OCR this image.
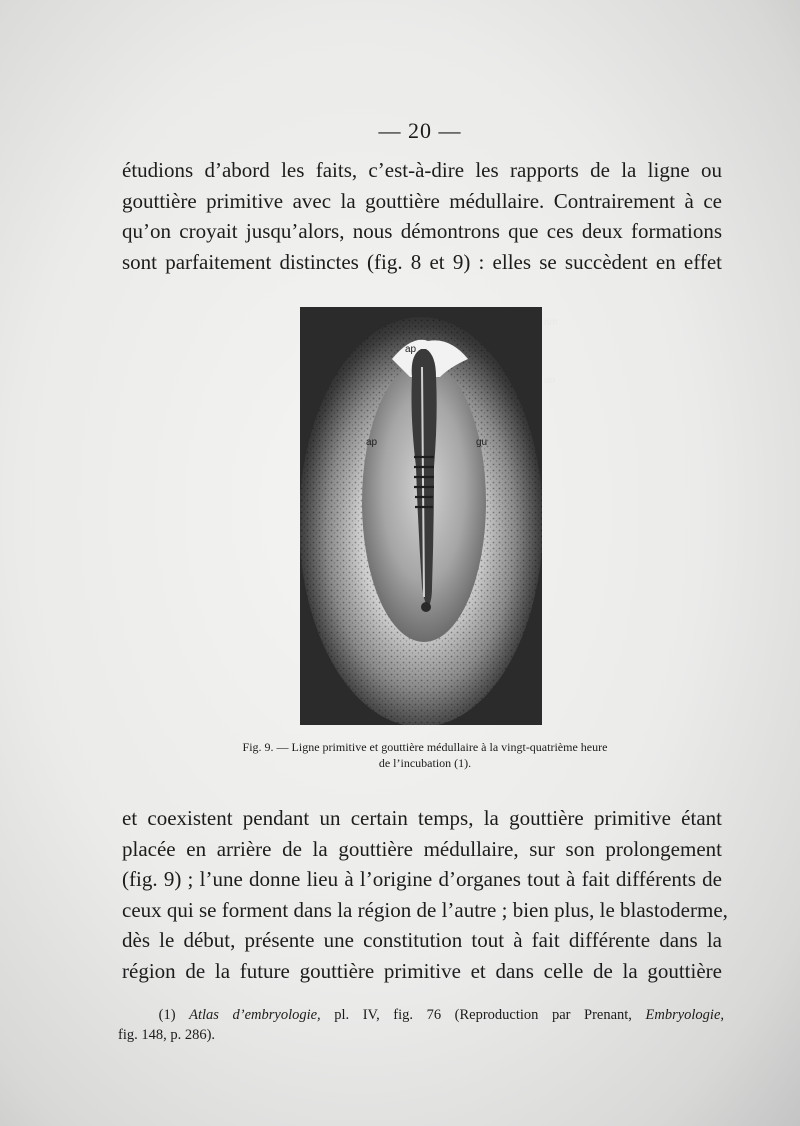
— 20 —

étudions d’abord les faits, c’est-à-dire les rapports de la ligne ou
gouttière primitive avec la gouttière médullaire. Contrairement à ce
qu’on croyait jusqu’alors, nous démontrons que ces deux formations
sont parfaitement distinctes (fig. 8 et 9) : elles se succèdent en effet

am
ap
ao
ap	gu
Fig. 9. — Ligne primitive et gouttière médullaire à la vingt-quatrième heure
de l’incubation (1).

et coexistent pendant un certain temps, la gouttière primitive étant
placée en arrière de la gouttière médullaire, sur son prolongement
(fig. 9) ; l’une donne lieu à l’origine d’organes tout à fait différents de
ceux qui se forment dans la région de l’autre ; bien plus, le blastoderme,
dès le début, présente une constitution tout à fait différente dans la
région de la future gouttière primitive et dans celle de la gouttière

(1) Atlas d’embryologie, pl. IV, fig. 76 (Reproduction par Prenant, Embryologie,
fig. 148, p. 286).
